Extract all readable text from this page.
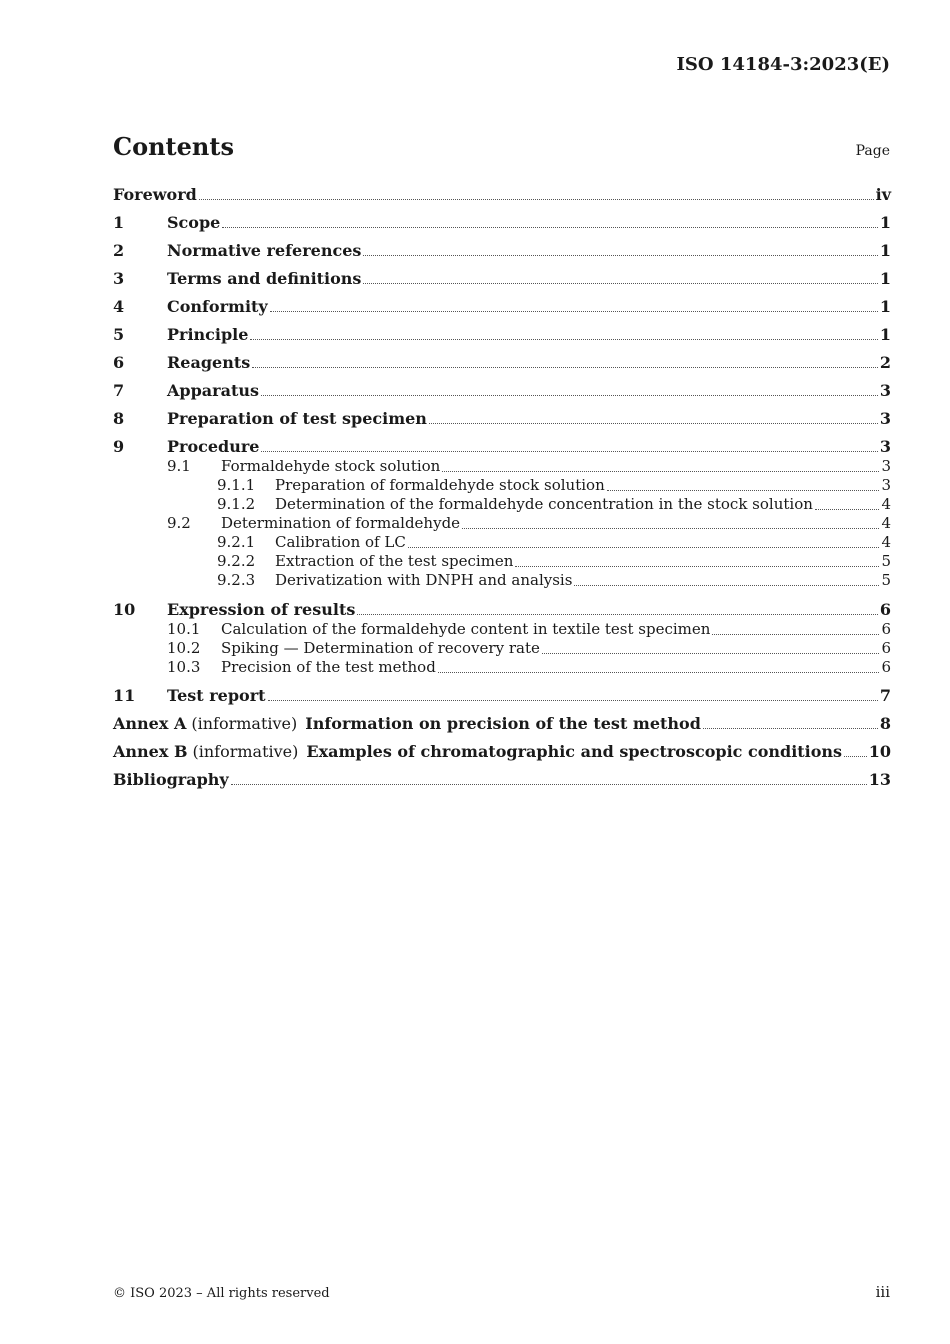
ISO 14184-3:2023(E)
Contents	Page
Foreword	iv
1	Scope	1
2	Normative references	1
3	Terms and definitions	1
4	Conformity	1
5	Principle	1
6	Reagents	2
7	Apparatus	3
8	Preparation of test specimen	3
9	Procedure	3
9.1	Formaldehyde stock solution	3
9.1.1	Preparation of formaldehyde stock solution	3
9.1.2	Determination of the formaldehyde concentration in the stock solution	4
9.2	Determination of formaldehyde	4
9.2.1	Calibration of LC	4
9.2.2	Extraction of the test specimen	5
9.2.3	Derivatization with DNPH and analysis	5
10	Expression of results	6
10.1	Calculation of the formaldehyde content in textile test specimen	6
10.2	Spiking — Determination of recovery rate	6
10.3	Precision of the test method	6
11	Test report	7
Annex A (informative) Information on precision of the test method	8
Annex B (informative) Examples of chromatographic and spectroscopic conditions 10
Bibliography	13
© ISO 2023 – All rights reserved	iii
